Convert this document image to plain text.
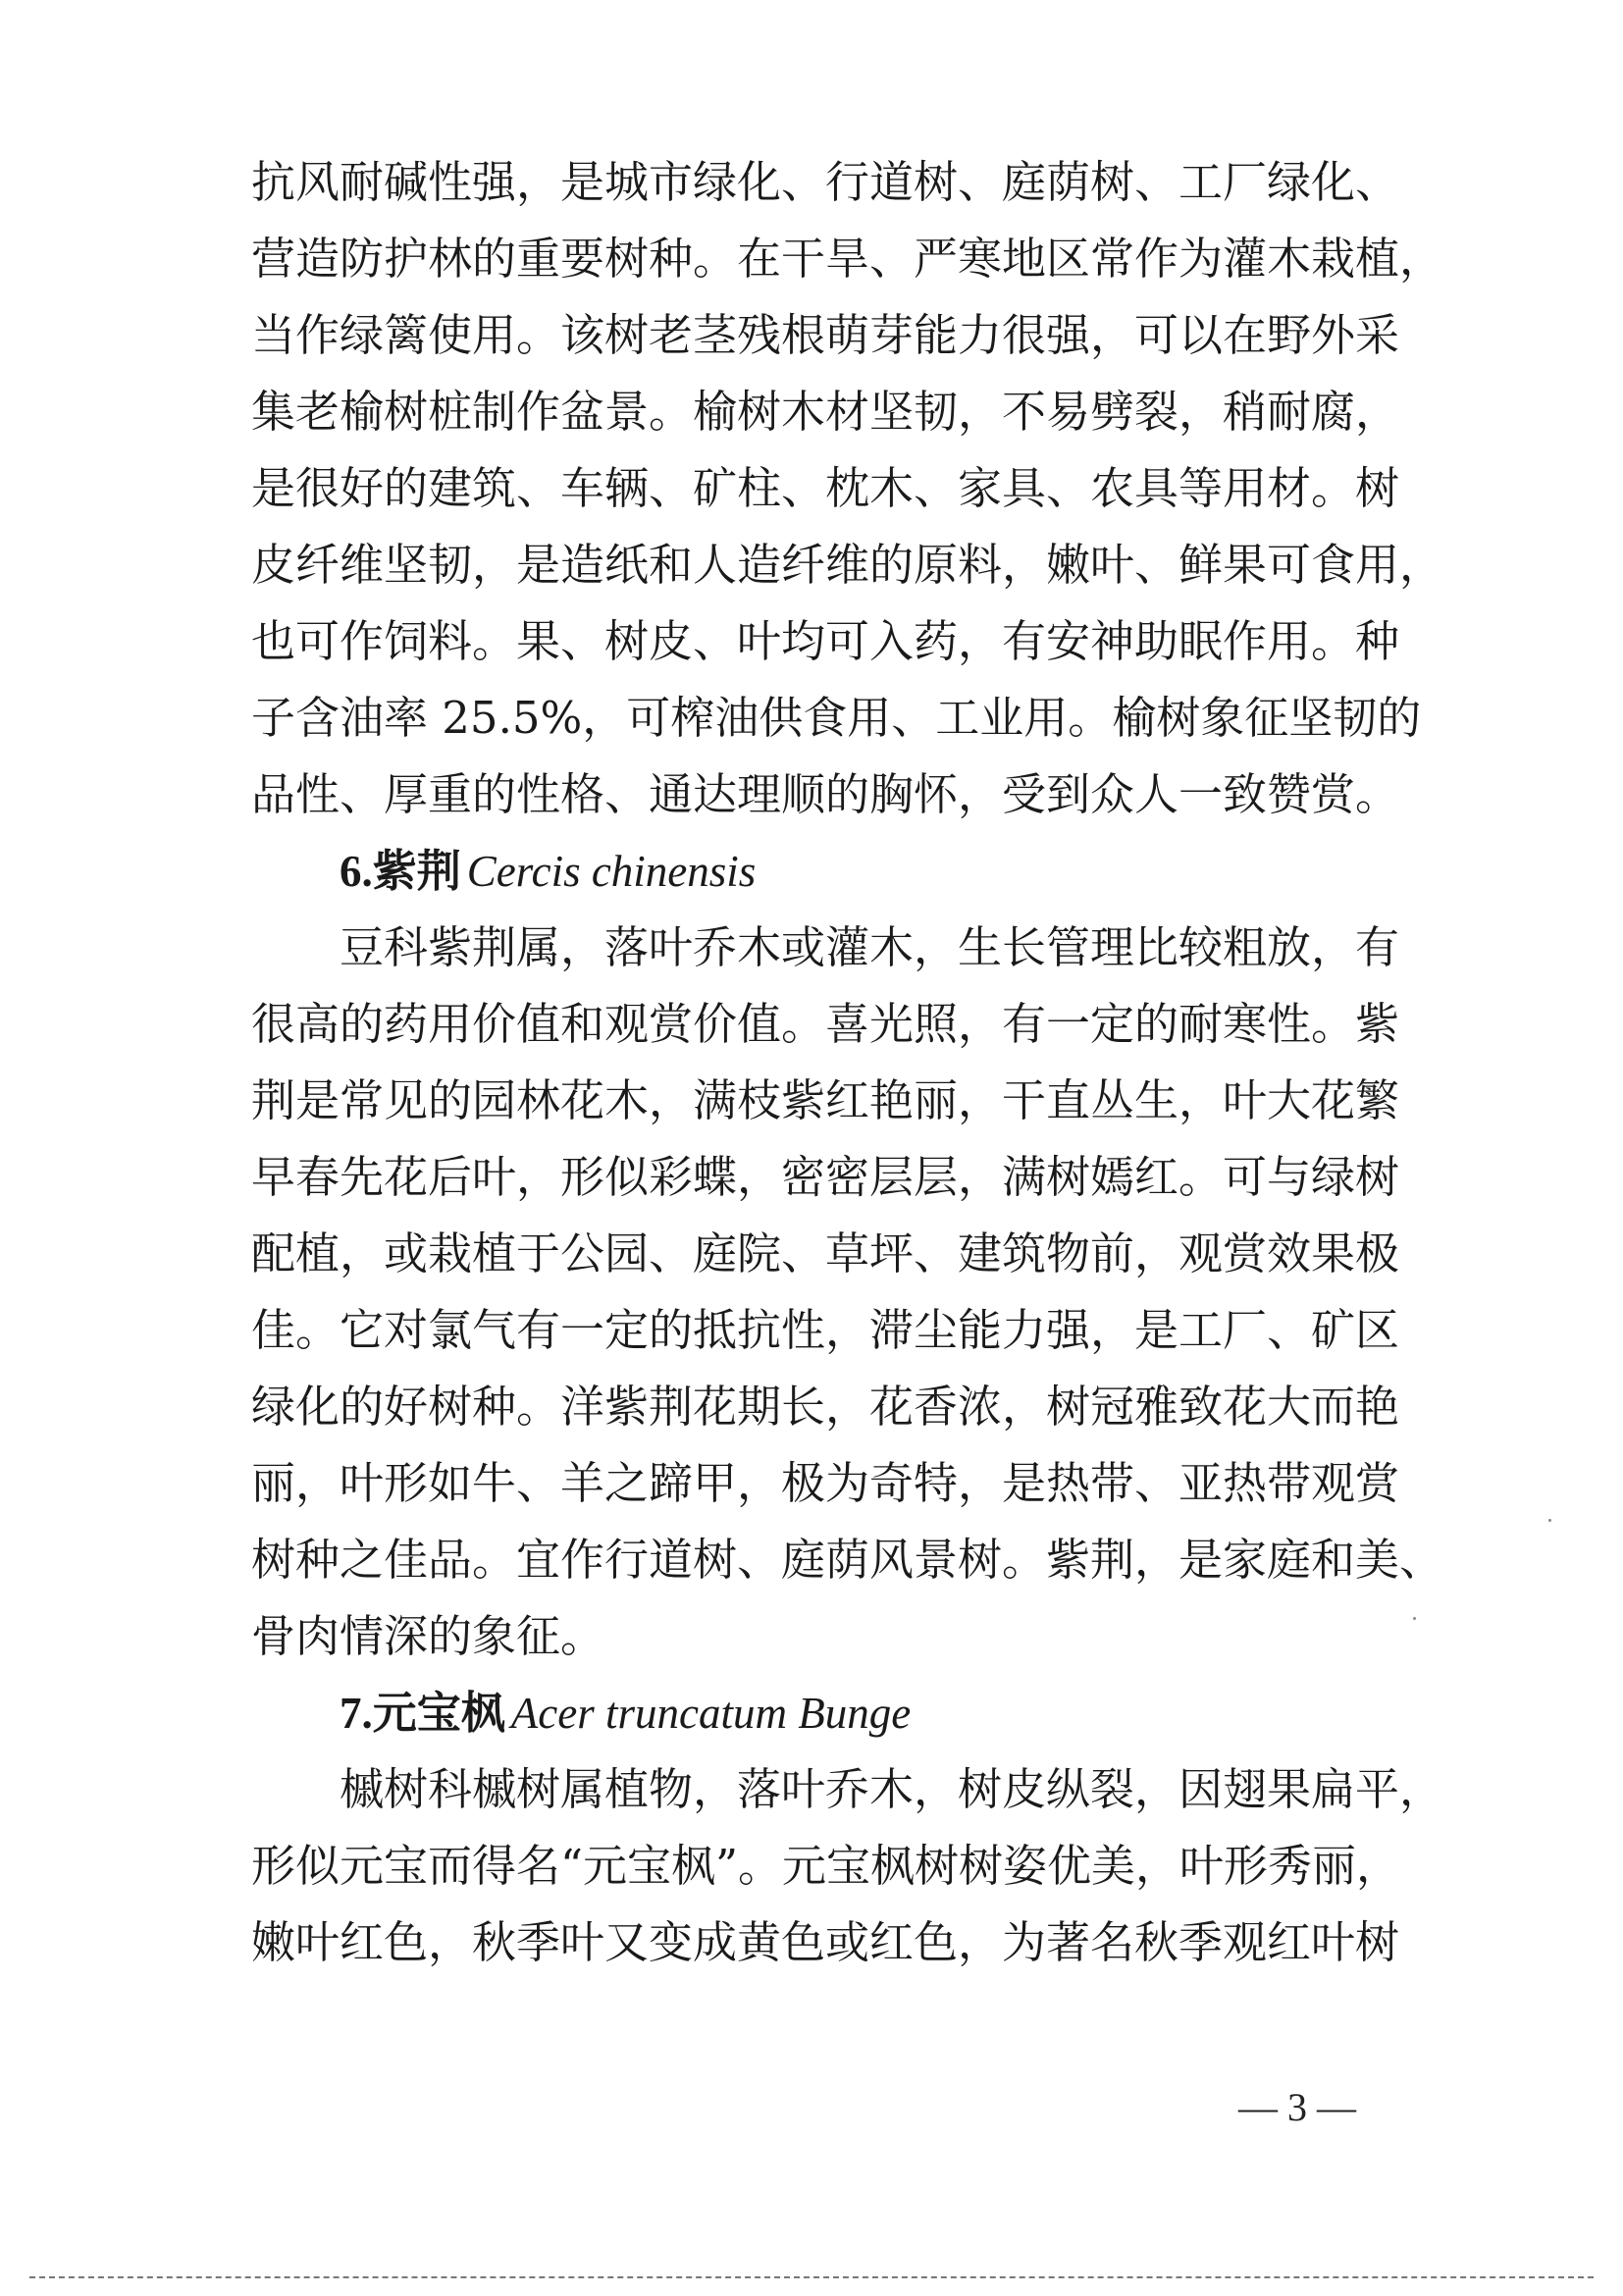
抗风耐碱性强，是城市绿化、行道树、庭荫树、工厂绿化、
营造防护林的重要树种。在干旱、严寒地区常作为灌木栽植，
当作绿篱使用。该树老茎残根萌芽能力很强，可以在野外采
集老榆树桩制作盆景。榆树木材坚韧，不易劈裂，稍耐腐，
是很好的建筑、车辆、矿柱、枕木、家具、农具等用材。树
皮纤维坚韧，是造纸和人造纤维的原料，嫩叶、鲜果可食用，
也可作饲料。果、树皮、叶均可入药，有安神助眠作用。种
子含油率 25.5%，可榨油供食用、工业用。榆树象征坚韧的
品性、厚重的性格、通达理顺的胸怀，受到众人一致赞赏。
6.紫荆 Cercis chinensis
豆科紫荆属，落叶乔木或灌木，生长管理比较粗放，有
很高的药用价值和观赏价值。喜光照，有一定的耐寒性。紫
荆是常见的园林花木，满枝紫红艳丽，干直丛生，叶大花繁
早春先花后叶，形似彩蝶，密密层层，满树嫣红。可与绿树
配植，或栽植于公园、庭院、草坪、建筑物前，观赏效果极
佳。它对氯气有一定的抵抗性，滞尘能力强，是工厂、矿区
绿化的好树种。洋紫荆花期长，花香浓，树冠雅致花大而艳
丽，叶形如牛、羊之蹄甲，极为奇特，是热带、亚热带观赏
树种之佳品。宜作行道树、庭荫风景树。紫荆，是家庭和美、
骨肉情深的象征。
7.元宝枫 Acer truncatum Bunge
槭树科槭树属植物，落叶乔木，树皮纵裂，因翅果扁平，
形似元宝而得名“元宝枫”。元宝枫树树姿优美，叶形秀丽，
嫩叶红色，秋季叶又变成黄色或红色，为著名秋季观红叶树
— 3 —
